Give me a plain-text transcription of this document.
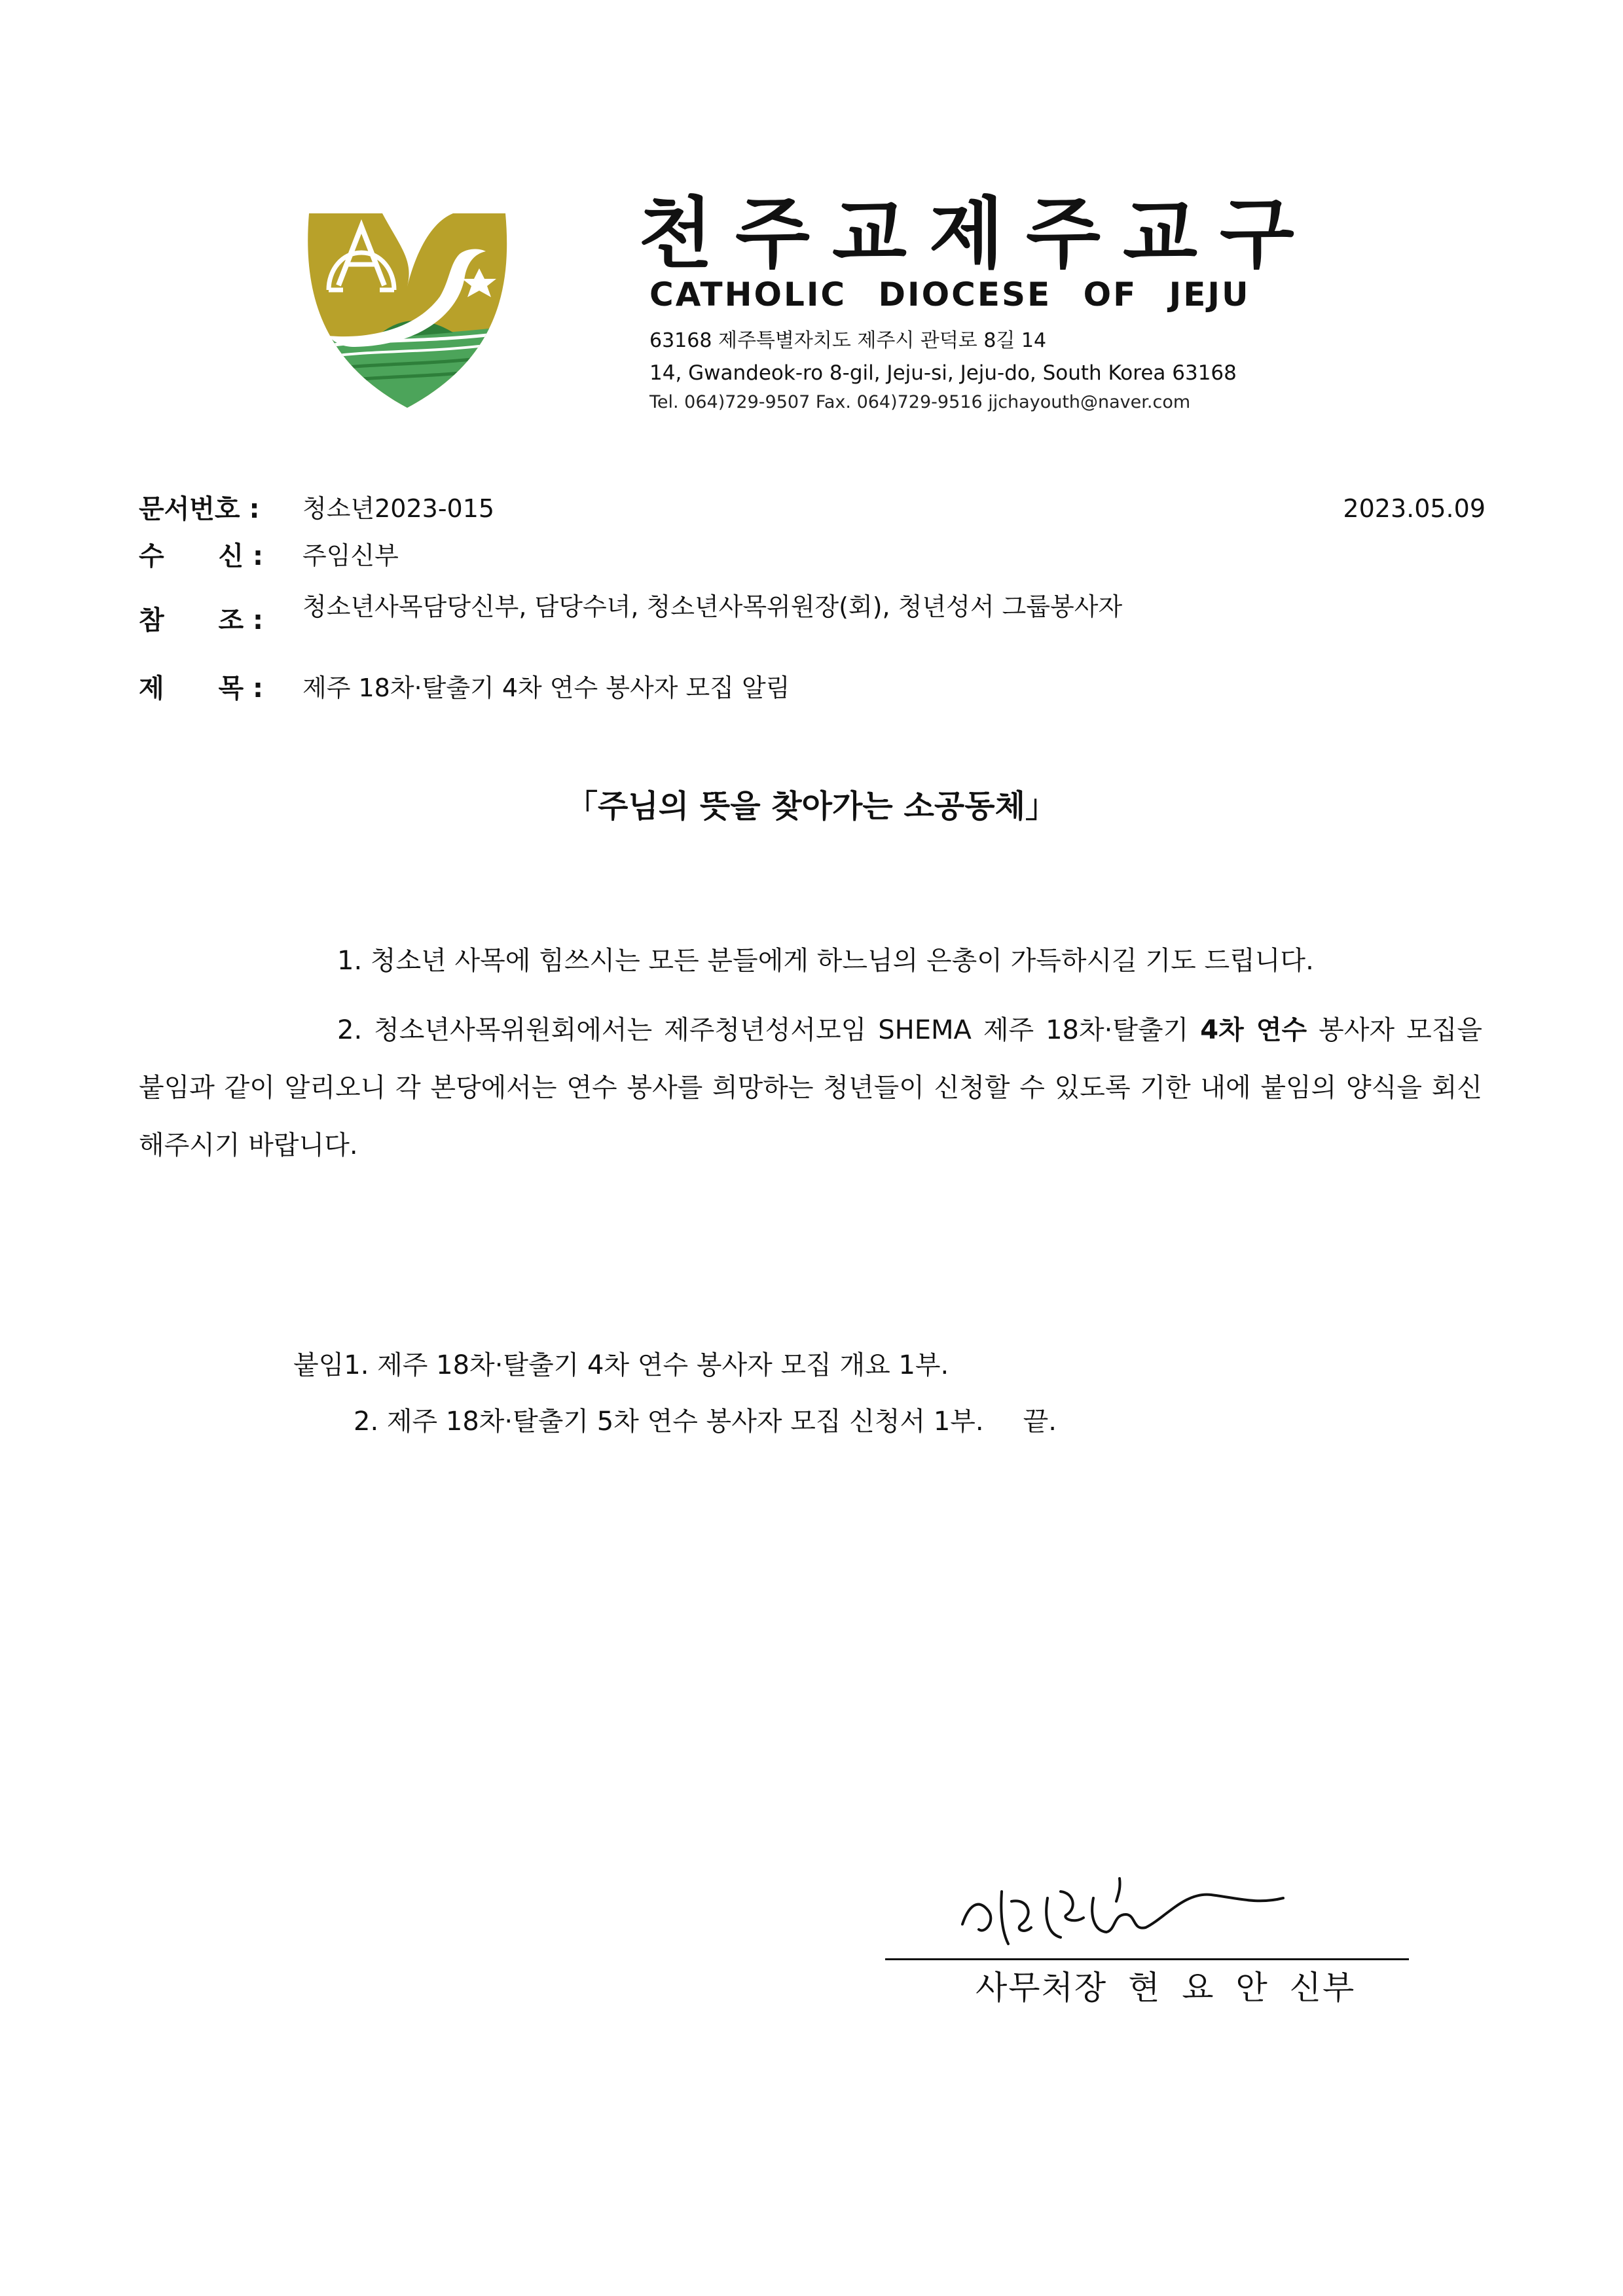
천주교제주교구
CATHOLIC DIOCESE OF JEJU
63168 제주특별자치도 제주시 관덕로 8길 14
14, Gwandeok-ro 8-gil, Jeju-si, Jeju-do, South Korea 63168
Tel. 064)729-9507 Fax. 064)729-9516 jjchayouth@naver.com
문서번호 : 청소년2023-015	2023.05.09
수 신 : 주임신부
참 조 : 청소년사목담당신부, 담당수녀, 청소년사목위원장(회), 청년성서 그룹봉사자
제 목 : 제주 18차·탈출기 4차 연수 봉사자 모집 알림
「주님의 뜻을 찾아가는 소공동체」
1. 청소년 사목에 힘쓰시는 모든 분들에게 하느님의 은총이 가득하시길 기도 드립니다.
2. 청소년사목위원회에서는 제주청년성서모임 SHEMA 제주 18차·탈출기 4차 연수 봉사자 모집을 붙임과 같이 알리오니 각 본당에서는 연수 봉사를 희망하는 청년들이 신청할 수 있도록 기한 내에 붙임의 양식을 회신해주시기 바랍니다.
붙임1. 제주 18차·탈출기 4차 연수 봉사자 모집 개요 1부.
2. 제주 18차·탈출기 5차 연수 봉사자 모집 신청서 1부. 끝.
사무처장 현 요 안 신부
